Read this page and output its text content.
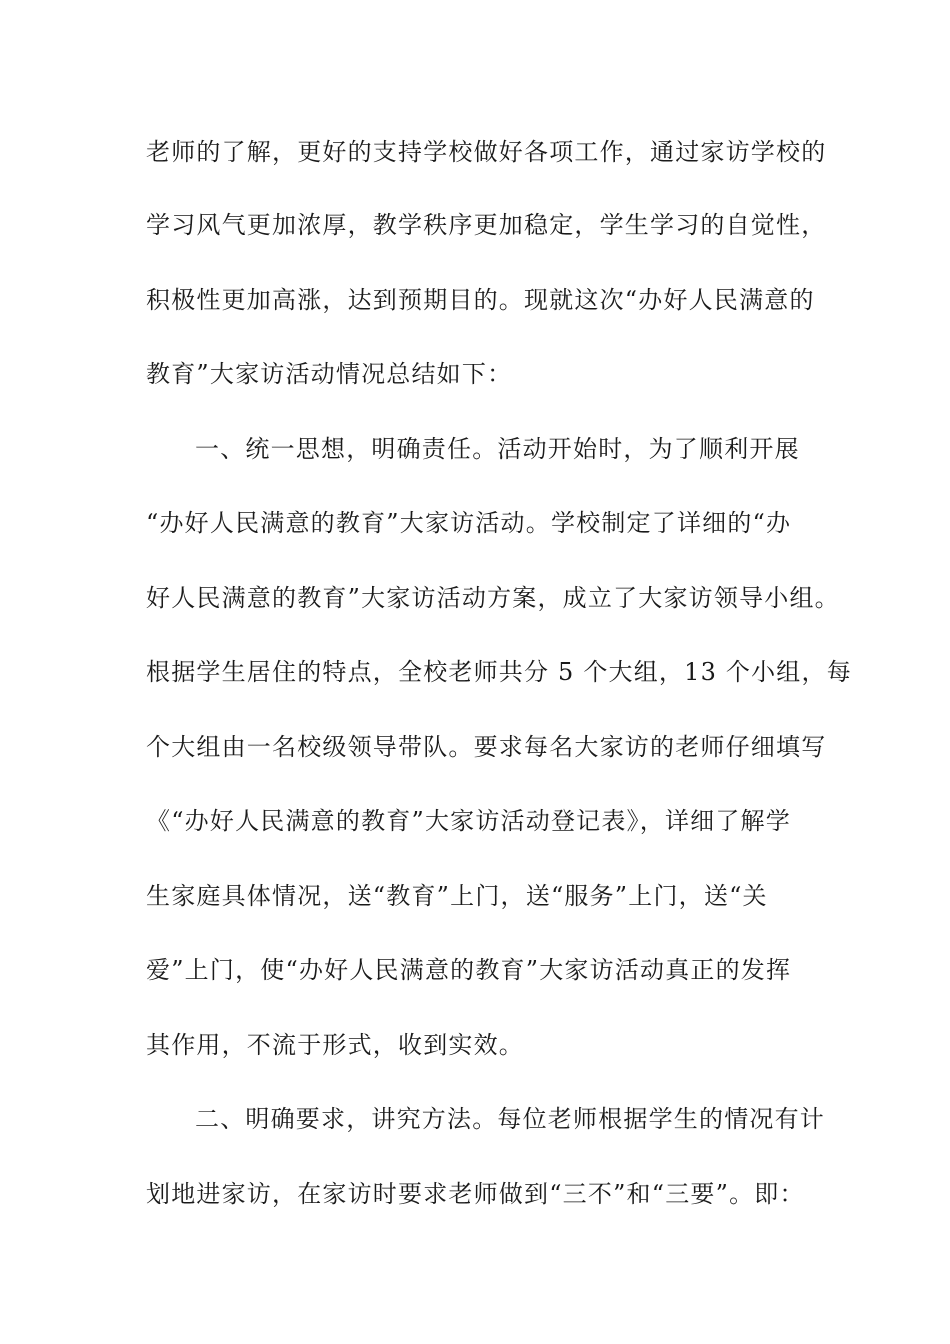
老师的了解，更好的支持学校做好各项工作，通过家访学校的
学习风气更加浓厚，教学秩序更加稳定，学生学习的自觉性，
积极性更加高涨，达到预期目的。现就这次“办好人民满意的
教育”大家访活动情况总结如下：
一、统一思想，明确责任。活动开始时，为了顺利开展
“办好人民满意的教育”大家访活动。学校制定了详细的“办
好人民满意的教育”大家访活动方案，成立了大家访领导小组。
根据学生居住的特点，全校老师共分 5 个大组，13 个小组，每
个大组由一名校级领导带队。要求每名大家访的老师仔细填写
《“办好人民满意的教育”大家访活动登记表》，详细了解学
生家庭具体情况，送“教育”上门，送“服务”上门，送“关
爱”上门，使“办好人民满意的教育”大家访活动真正的发挥
其作用，不流于形式，收到实效。
二、明确要求，讲究方法。每位老师根据学生的情况有计
划地进家访，在家访时要求老师做到“三不”和“三要”。即：
